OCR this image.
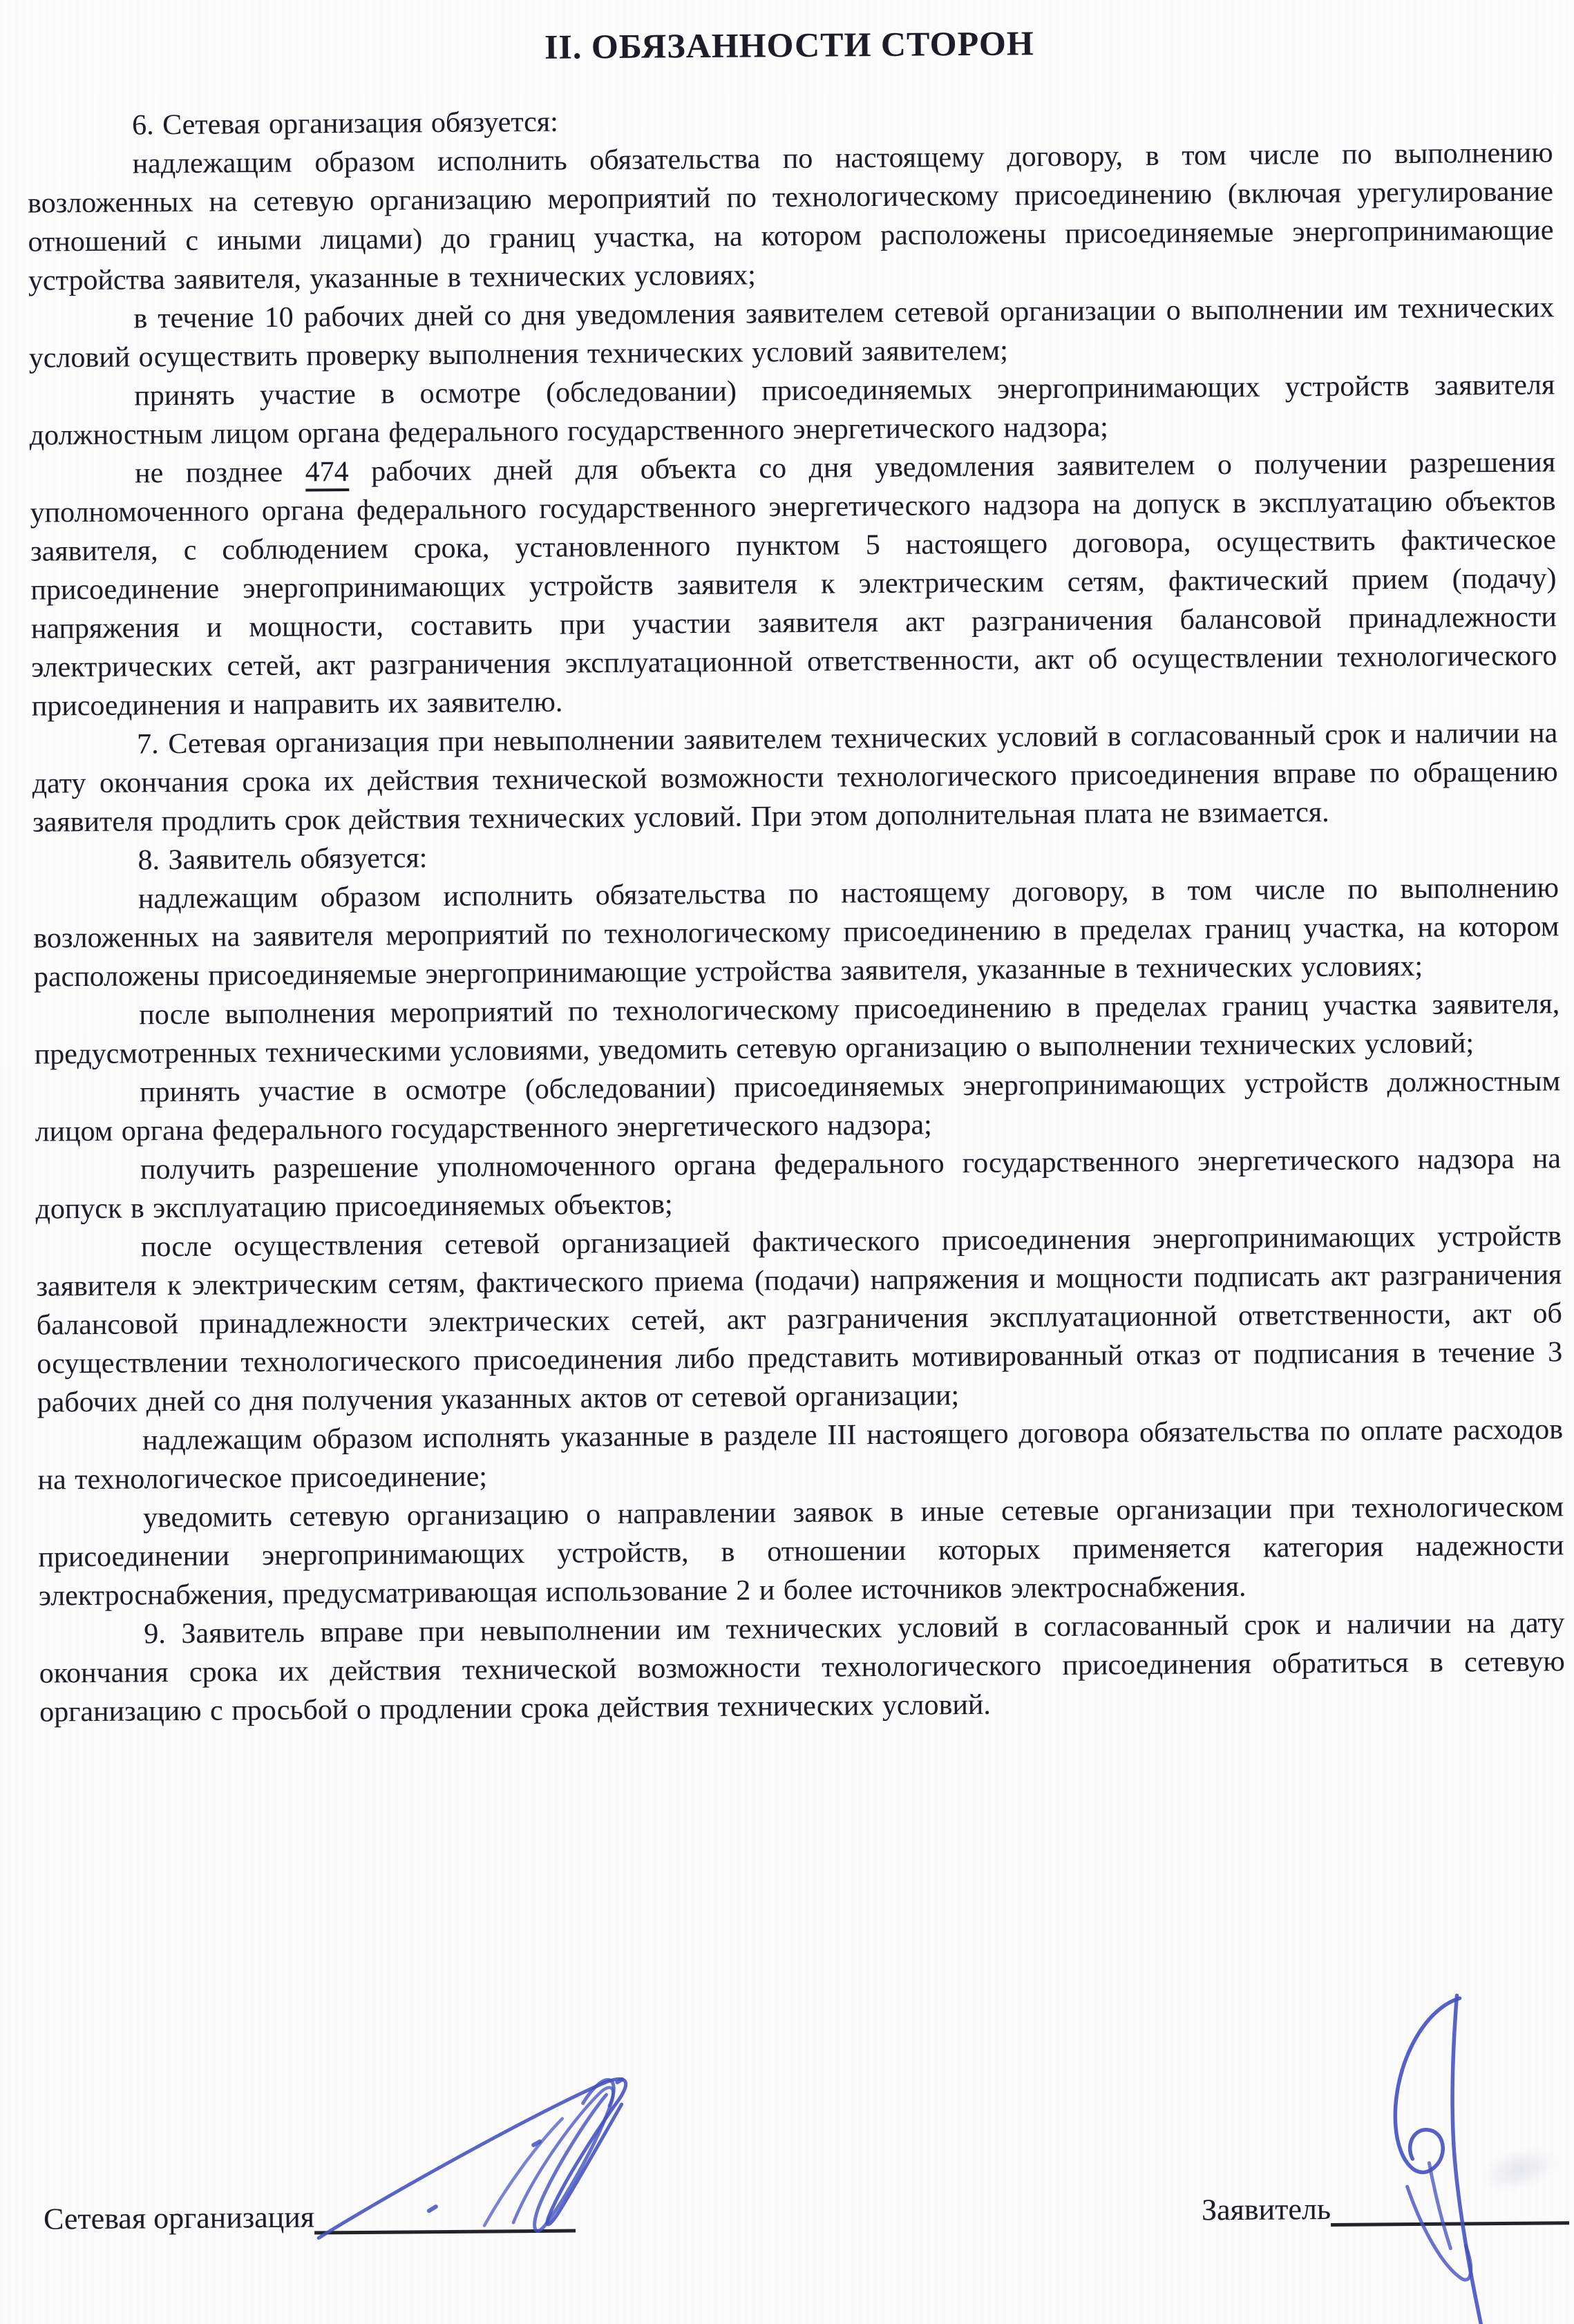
II. ОБЯЗАННОСТИ СТОРОН

6. Сетевая организация обязуется:

надлежащим образом исполнить обязательства по настоящему договору, в том числе по выполнению возложенных на сетевую организацию мероприятий по технологическому присоединению (включая урегулирование отношений с иными лицами) до границ участка, на котором расположены присоединяемые энергопринимающие устройства заявителя, указанные в технических условиях;

в течение 10 рабочих дней со дня уведомления заявителем сетевой организации о выполнении им технических условий осуществить проверку выполнения технических условий заявителем;

принять участие в осмотре (обследовании) присоединяемых энергопринимающих устройств заявителя должностным лицом органа федерального государственного энергетического надзора;

не позднее 474 рабочих дней для объекта со дня уведомления заявителем о получении разрешения уполномоченного органа федерального государственного энергетического надзора на допуск в эксплуатацию объектов заявителя, с соблюдением срока, установленного пунктом 5 настоящего договора, осуществить фактическое присоединение энергопринимающих устройств заявителя к электрическим сетям, фактический прием (подачу) напряжения и мощности, составить при участии заявителя акт разграничения балансовой принадлежности электрических сетей, акт разграничения эксплуатационной ответственности, акт об осуществлении технологического присоединения и направить их заявителю.

7. Сетевая организация при невыполнении заявителем технических условий в согласованный срок и наличии на дату окончания срока их действия технической возможности технологического присоединения вправе по обращению заявителя продлить срок действия технических условий. При этом дополнительная плата не взимается.

8. Заявитель обязуется:

надлежащим образом исполнить обязательства по настоящему договору, в том числе по выполнению возложенных на заявителя мероприятий по технологическому присоединению в пределах границ участка, на котором расположены присоединяемые энергопринимающие устройства заявителя, указанные в технических условиях;

после выполнения мероприятий по технологическому присоединению в пределах границ участка заявителя, предусмотренных техническими условиями, уведомить сетевую организацию о выполнении технических условий;

принять участие в осмотре (обследовании) присоединяемых энергопринимающих устройств должностным лицом органа федерального государственного энергетического надзора;

получить разрешение уполномоченного органа федерального государственного энергетического надзора на допуск в эксплуатацию присоединяемых объектов;

после осуществления сетевой организацией фактического присоединения энергопринимающих устройств заявителя к электрическим сетям, фактического приема (подачи) напряжения и мощности подписать акт разграничения балансовой принадлежности электрических сетей, акт разграничения эксплуатационной ответственности, акт об осуществлении технологического присоединения либо представить мотивированный отказ от подписания в течение 3 рабочих дней со дня получения указанных актов от сетевой организации;

надлежащим образом исполнять указанные в разделе III настоящего договора обязательства по оплате расходов на технологическое присоединение;

уведомить сетевую организацию о направлении заявок в иные сетевые организации при технологическом присоединении энергопринимающих устройств, в отношении которых применяется категория надежности электроснабжения, предусматривающая использование 2 и более источников электроснабжения.

9. Заявитель вправе при невыполнении им технических условий в согласованный срок и наличии на дату окончания срока их действия технической возможности технологического присоединения обратиться в сетевую организацию с просьбой о продлении срока действия технических условий.

Сетевая организация	Заявитель
